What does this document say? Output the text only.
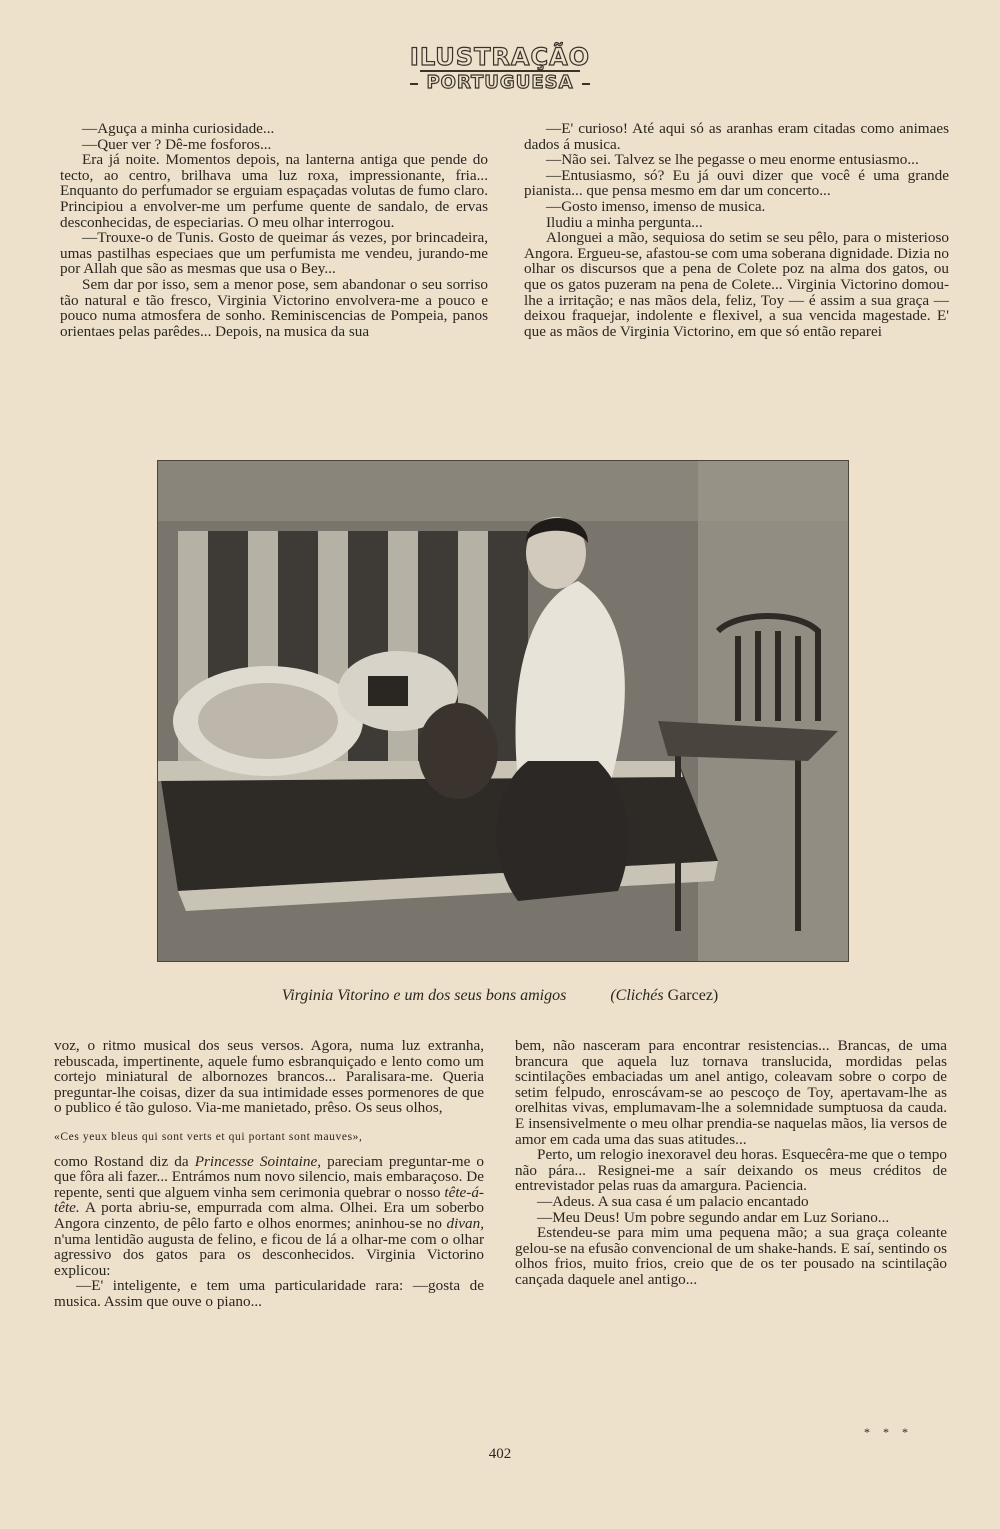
ILUSTRAÇÃO
PORTUGUESA

—Aguça a minha curiosidade...

—Quer ver ? Dê-me fosforos...

Era já noite. Momentos depois, na lanterna antiga que pende do tecto, ao centro, brilhava uma luz roxa, impressionante, fria... Enquanto do perfumador se erguiam espaçadas volutas de fumo claro. Principiou a envolver-me um perfume quente de sandalo, de ervas desconhecidas, de especiarias. O meu olhar interrogou.

—Trouxe-o de Tunis. Gosto de queimar ás vezes, por brincadeira, umas pastilhas especiaes que um perfumista me vendeu, jurando-me por Allah que são as mesmas que usa o Bey...

Sem dar por isso, sem a menor pose, sem abandonar o seu sorriso tão natural e tão fresco, Virginia Victorino envolvera-me a pouco e pouco numa atmosfera de sonho. Reminiscencias de Pompeia, panos orientaes pelas parêdes... Depois, na musica da sua

—E' curioso! Até aqui só as aranhas eram citadas como animaes dados á musica.

—Não sei. Talvez se lhe pegasse o meu enorme entusiasmo...

—Entusiasmo, só? Eu já ouvi dizer que você é uma grande pianista... que pensa mesmo em dar um concerto...

—Gosto imenso, imenso de musica.

Iludiu a minha pergunta...

Alonguei a mão, sequiosa do setim se seu pêlo, para o misterioso Angora. Ergueu-se, afastou-se com uma soberana dignidade. Dizia no olhar os discursos que a pena de Colete poz na alma dos gatos, ou que os gatos puzeram na pena de Colete... Virginia Victorino domou-lhe a irritação; e nas mãos dela, feliz, Toy — é assim a sua graça — deixou fraquejar, indolente e flexivel, a sua vencida magestade. E' que as mãos de Virginia Victorino, em que só então reparei

Virginia Vitorino e um dos seus bons amigos	(Clichés Garcez)

voz, o ritmo musical dos seus versos. Agora, numa luz extranha, rebuscada, impertinente, aquele fumo esbranquiçado e lento como um cortejo miniatural de albornozes brancos... Paralisara-me. Queria preguntar-lhe coisas, dizer da sua intimidade esses pormenores de que o publico é tão guloso. Via-me manietado, prêso. Os seus olhos,

«Ces yeux bleus qui sont verts et qui portant sont mauves»,

como Rostand diz da Princesse Sointaine, pareciam preguntar-me o que fôra ali fazer... Entrámos num novo silencio, mais embaraçoso. De repente, senti que alguem vinha sem cerimonia quebrar o nosso tête-á-tête. A porta abriu-se, empurrada com alma. Olhei. Era um soberbo Angora cinzento, de pêlo farto e olhos enormes; aninhou-se no divan, n'uma lentidão augusta de felino, e ficou de lá a olhar-me com o olhar agressivo dos gatos para os desconhecidos. Virginia Victorino explicou:

—E' inteligente, e tem uma particularidade rara: —gosta de musica. Assim que ouve o piano...

bem, não nasceram para encontrar resistencias... Brancas, de uma brancura que aquela luz tornava translucida, mordidas pelas scintilações embaciadas um anel antigo, coleavam sobre o corpo de setim felpudo, enroscávam-se ao pescoço de Toy, apertavam-lhe as orelhitas vivas, emplumavam-lhe a solemnidade sumptuosa da cauda. E insensivelmente o meu olhar prendia-se naquelas mãos, lia versos de amor em cada uma das suas atitudes...

Perto, um relogio inexoravel deu horas. Esquecêra-me que o tempo não pára... Resignei-me a saír deixando os meus créditos de entrevistador pelas ruas da amargura. Paciencia.

—Adeus. A sua casa é um palacio encantado

—Meu Deus! Um pobre segundo andar em Luz Soriano...

Estendeu-se para mim uma pequena mão; a sua graça coleante gelou-se na efusão convencional de um shake-hands. E saí, sentindo os olhos frios, muito frios, creio que de os ter pousado na scintilação cançada daquele anel antigo...

* * *
402
